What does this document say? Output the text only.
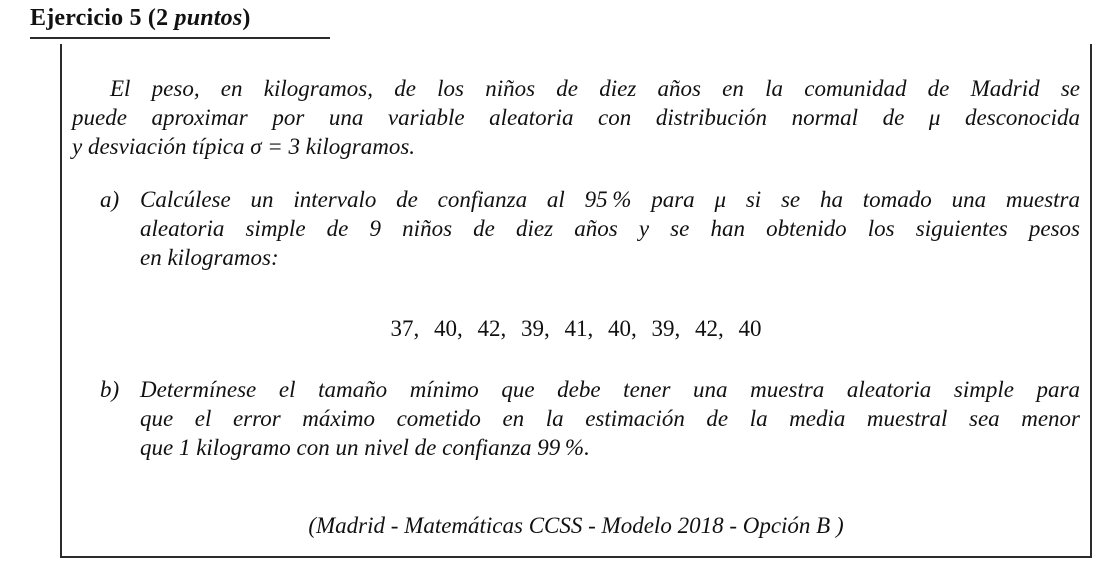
Ejercicio 5 (2 puntos)
El peso, en kilogramos, de los niños de diez años en la comunidad de Madrid se
puede aproximar por una variable aleatoria con distribución normal de μ desconocida
y desviación típica σ = 3 kilogramos.
a) Calcúlese un intervalo de confianza al 95 % para μ si se ha tomado una muestra
aleatoria simple de 9 niños de diez años y se han obtenido los siguientes pesos
en kilogramos:
37, 40, 42, 39, 41, 40, 39, 42, 40
b) Determínese el tamaño mínimo que debe tener una muestra aleatoria simple para
que el error máximo cometido en la estimación de la media muestral sea menor
que 1 kilogramo con un nivel de confianza 99 %.
(Madrid - Matemáticas CCSS - Modelo 2018 - Opción B )
